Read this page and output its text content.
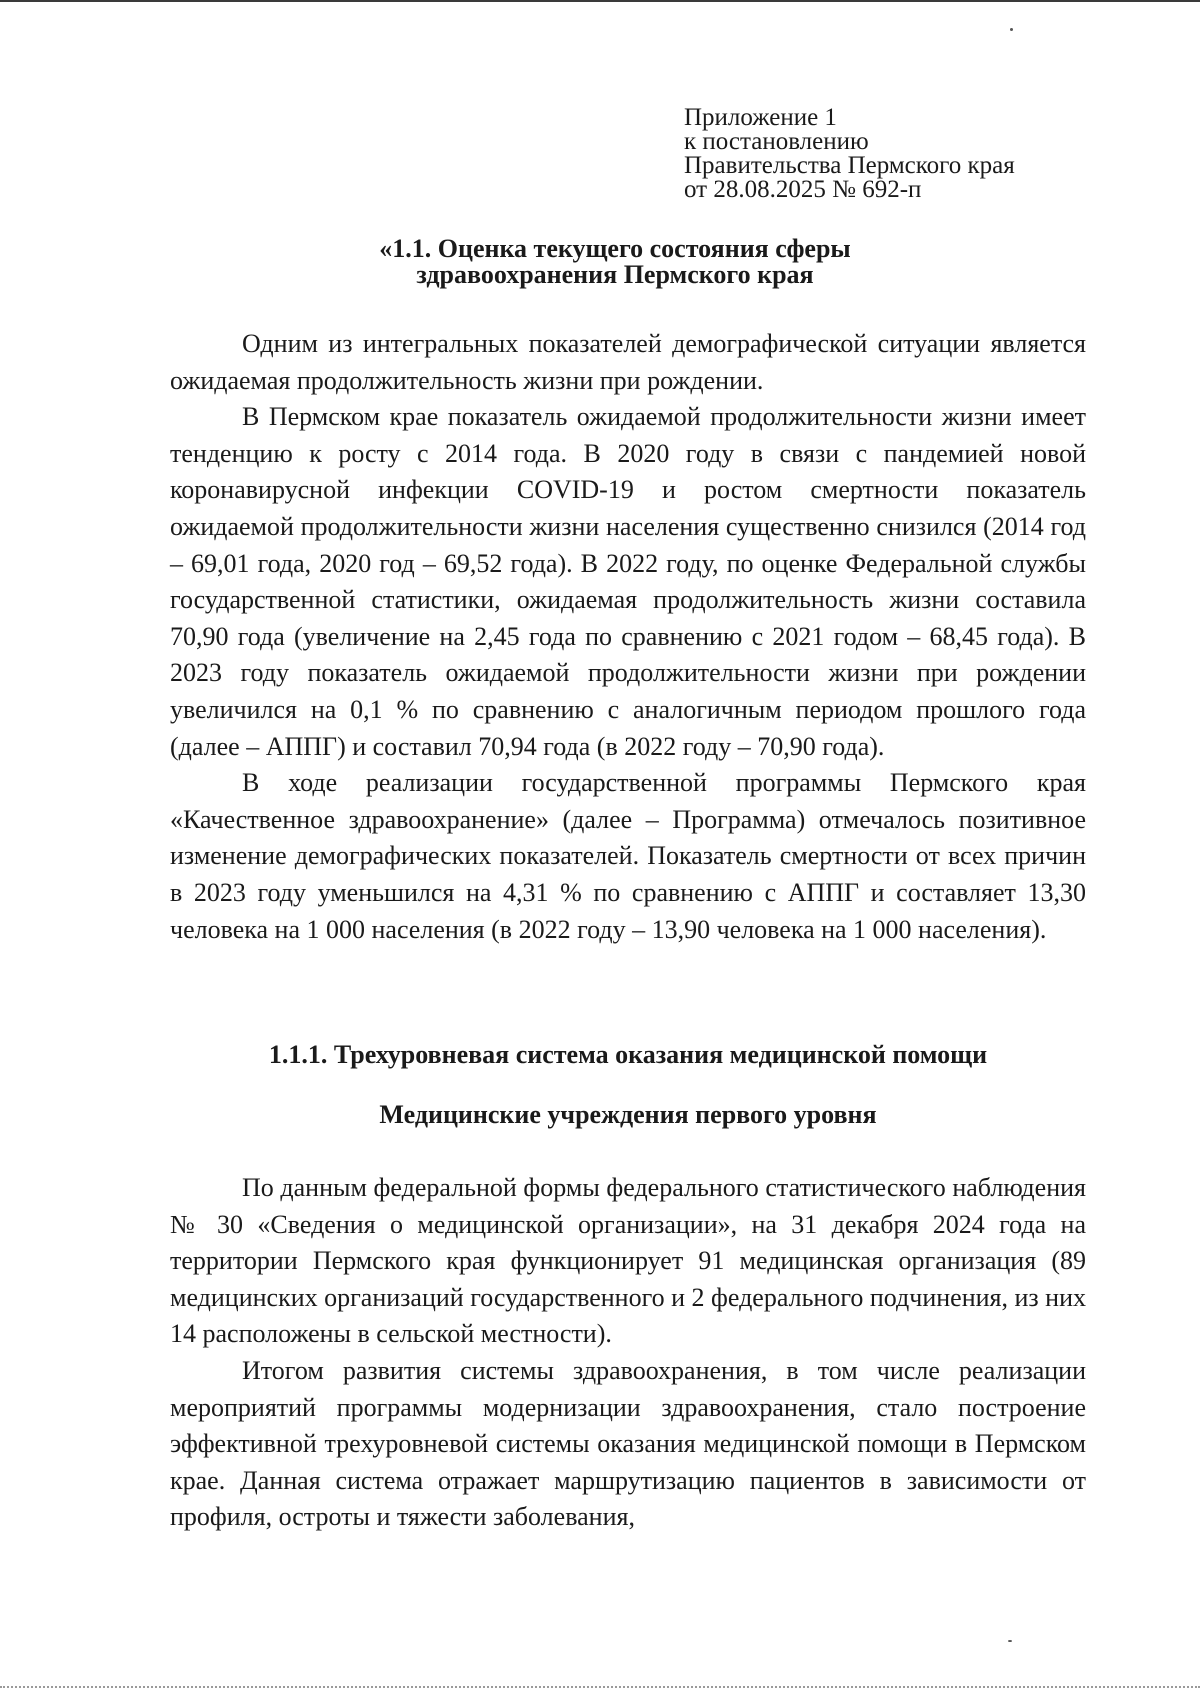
Приложение 1
к постановлению
Правительства Пермского края
от 28.08.2025 № 692-п
«1.1. Оценка текущего состояния сферы
здравоохранения Пермского края

Одним из интегральных показателей демографической ситуации является ожидаемая продолжительность жизни при рождении.

В Пермском крае показатель ожидаемой продолжительности жизни имеет тенденцию к росту с 2014 года. В 2020 году в связи с пандемией новой коронавирусной инфекции COVID-19 и ростом смертности показатель ожидаемой продолжительности жизни населения существенно снизился (2014 год – 69,01 года, 2020 год – 69,52 года). В 2022 году, по оценке Федеральной службы государственной статистики, ожидаемая продолжительность жизни составила 70,90 года (увеличение на 2,45 года по сравнению с 2021 годом – 68,45 года). В 2023 году показатель ожидаемой продолжительности жизни при рождении увеличился на 0,1 % по сравнению с аналогичным периодом прошлого года (далее – АППГ) и составил 70,94 года (в 2022 году – 70,90 года).

В ходе реализации государственной программы Пермского края «Качественное здравоохранение» (далее – Программа) отмечалось позитивное изменение демографических показателей. Показатель смертности от всех причин в 2023 году уменьшился на 4,31 % по сравнению с АППГ и составляет 13,30 человека на 1 000 населения (в 2022 году – 13,90 человека на 1 000 населения).

1.1.1. Трехуровневая система оказания медицинской помощи
Медицинские учреждения первого уровня

По данным федеральной формы федерального статистического наблюдения № 30 «Сведения о медицинской организации», на 31 декабря 2024 года на территории Пермского края функционирует 91 медицинская организация (89 медицинских организаций государственного и 2 федерального подчинения, из них 14 расположены в сельской местности).

Итогом развития системы здравоохранения, в том числе реализации мероприятий программы модернизации здравоохранения, стало построение эффективной трехуровневой системы оказания медицинской помощи в Пермском крае. Данная система отражает маршрутизацию пациентов в зависимости от профиля, остроты и тяжести заболевания,
